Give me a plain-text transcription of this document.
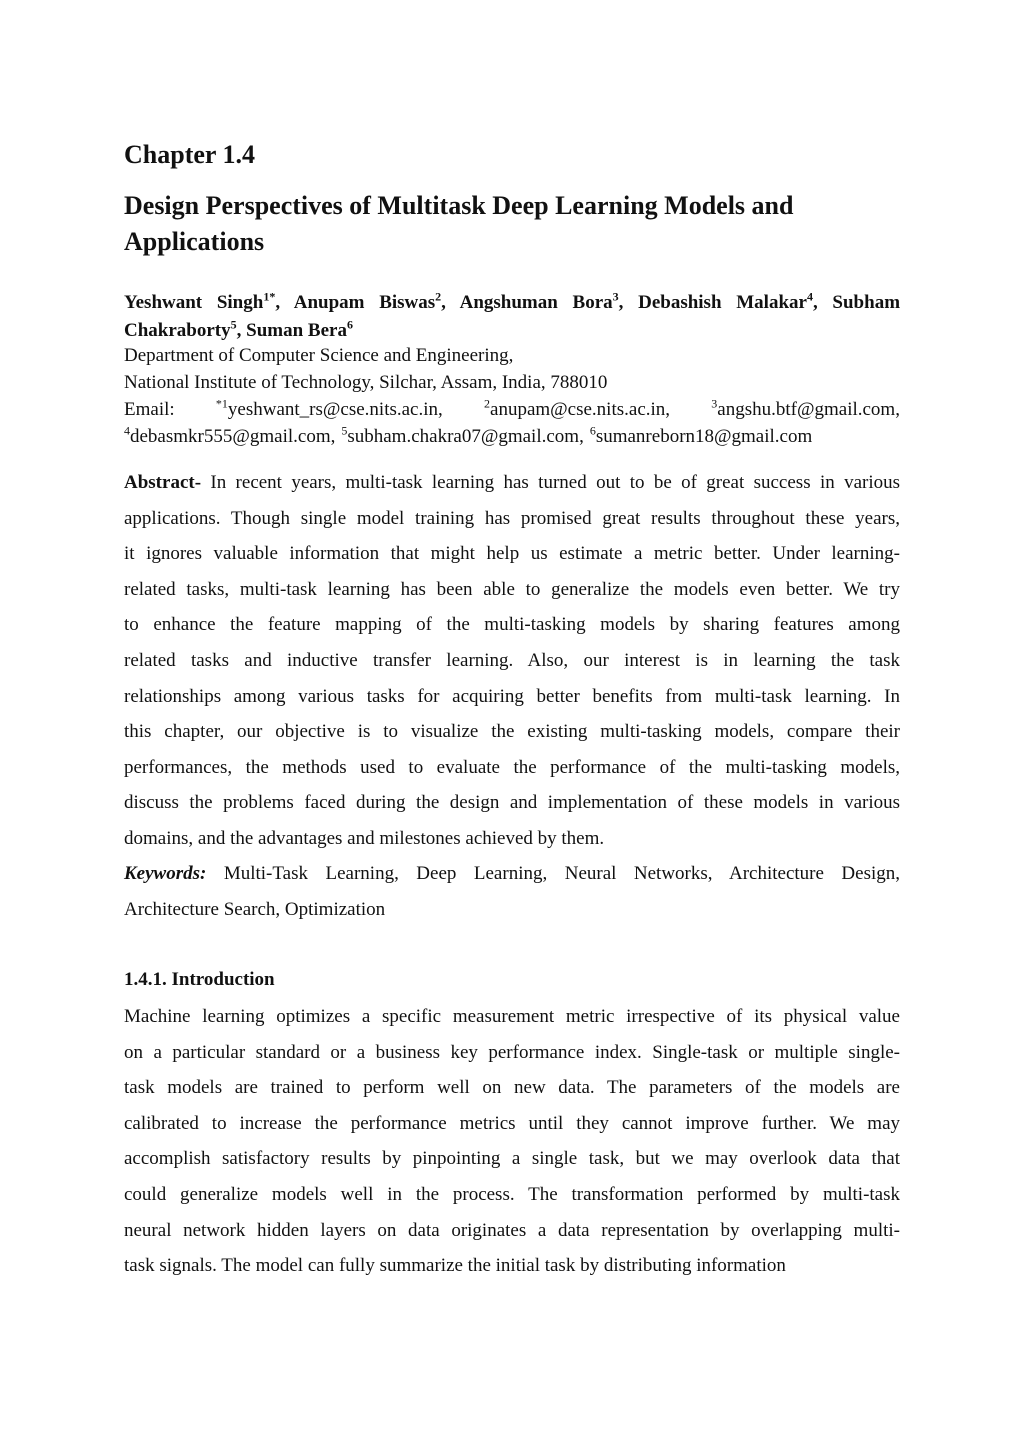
Chapter 1.4
Design Perspectives of Multitask Deep Learning Models and
Applications
Yeshwant Singh$^{1*}$, Anupam Biswas$^2$, Angshuman Bora$^3$, Debashish Malakar$^4$, Subham
Chakraborty$^5$, Suman Bera$^6$
Department of Computer Science and Engineering,
National Institute of Technology, Silchar, Assam, India, 788010
Email:	$^{*1}$yeshwant_rs@cse.nits.ac.in,	$^2$anupam@cse.nits.ac.in,	$^3$angshu.btf@gmail.com,
$^4$debasmkr555@gmail.com, $^5$subham.chakra07@gmail.com, $^6$sumanreborn18@gmail.com
Abstract- In recent years, multi-task learning has turned out to be of great success in various
applications. Though single model training has promised great results throughout these years,
it ignores valuable information that might help us estimate a metric better. Under learning-
related tasks, multi-task learning has been able to generalize the models even better. We try
to enhance the feature mapping of the multi-tasking models by sharing features among
related tasks and inductive transfer learning. Also, our interest is in learning the task
relationships among various tasks for acquiring better benefits from multi-task learning. In
this chapter, our objective is to visualize the existing multi-tasking models, compare their
performances, the methods used to evaluate the performance of the multi-tasking models,
discuss the problems faced during the design and implementation of these models in various
domains, and the advantages and milestones achieved by them.
Keywords: Multi-Task Learning, Deep Learning, Neural Networks, Architecture Design,
Architecture Search, Optimization
1.4.1. Introduction
Machine learning optimizes a specific measurement metric irrespective of its physical value
on a particular standard or a business key performance index. Single-task or multiple single-
task models are trained to perform well on new data. The parameters of the models are
calibrated to increase the performance metrics until they cannot improve further. We may
accomplish satisfactory results by pinpointing a single task, but we may overlook data that
could generalize models well in the process. The transformation performed by multi-task
neural network hidden layers on data originates a data representation by overlapping multi-
task signals. The model can fully summarize the initial task by distributing information
